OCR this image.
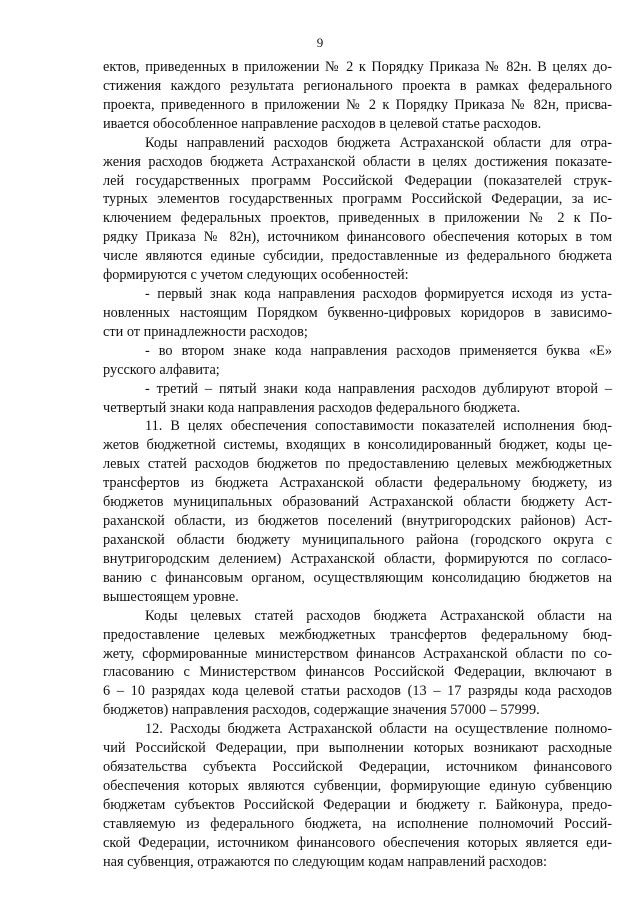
9
ектов, приведенных в приложении № 2 к Порядку Приказа № 82н. В целях до-
стижения каждого результата регионального проекта в рамках федерального
проекта, приведенного в приложении № 2 к Порядку Приказа № 82н, присва-
ивается обособленное направление расходов в целевой статье расходов.
Коды направлений расходов бюджета Астраханской области для отра-
жения расходов бюджета Астраханской области в целях достижения показате-
лей государственных программ Российской Федерации (показателей струк-
турных элементов государственных программ Российской Федерации, за ис-
ключением федеральных проектов, приведенных в приложении № 2 к По-
рядку Приказа № 82н), источником финансового обеспечения которых в том
числе являются единые субсидии, предоставленные из федерального бюджета
формируются с учетом следующих особенностей:
- первый знак кода направления расходов формируется исходя из уста-
новленных настоящим Порядком буквенно-цифровых коридоров в зависимо-
сти от принадлежности расходов;
- во втором знаке кода направления расходов применяется буква «Е»
русского алфавита;
- третий – пятый знаки кода направления расходов дублируют второй –
четвертый знаки кода направления расходов федерального бюджета.
11. В целях обеспечения сопоставимости показателей исполнения бюд-
жетов бюджетной системы, входящих в консолидированный бюджет, коды це-
левых статей расходов бюджетов по предоставлению целевых межбюджетных
трансфертов из бюджета Астраханской области федеральному бюджету, из
бюджетов муниципальных образований Астраханской области бюджету Аст-
раханской области, из бюджетов поселений (внутригородских районов) Аст-
раханской области бюджету муниципального района (городского округа с
внутригородским делением) Астраханской области, формируются по согласо-
ванию с финансовым органом, осуществляющим консолидацию бюджетов на
вышестоящем уровне.
Коды целевых статей расходов бюджета Астраханской области на
предоставление целевых межбюджетных трансфертов федеральному бюд-
жету, сформированные министерством финансов Астраханской области по со-
гласованию с Министерством финансов Российской Федерации, включают в
6 – 10 разрядах кода целевой статьи расходов (13 – 17 разряды кода расходов
бюджетов) направления расходов, содержащие значения 57000 – 57999.
12. Расходы бюджета Астраханской области на осуществление полномо-
чий Российской Федерации, при выполнении которых возникают расходные
обязательства субъекта Российской Федерации, источником финансового
обеспечения которых являются субвенции, формирующие единую субвенцию
бюджетам субъектов Российской Федерации и бюджету г. Байконура, предо-
ставляемую из федерального бюджета, на исполнение полномочий Россий-
ской Федерации, источником финансового обеспечения которых является еди-
ная субвенция, отражаются по следующим кодам направлений расходов:
